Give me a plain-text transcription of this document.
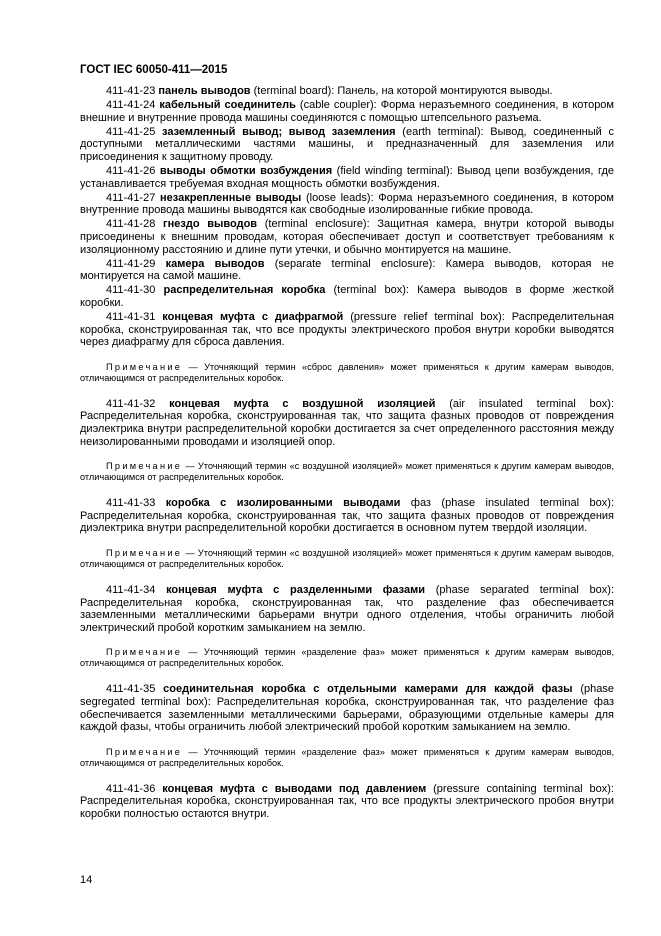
ГОСТ IEC 60050-411—2015

411-41-23 панель выводов (terminal board): Панель, на которой монтируются выводы.

411-41-24 кабельный соединитель (cable coupler): Форма неразъемного соединения, в котором внешние и внутренние провода машины соединяются с помощью штепсельного разъема.

411-41-25 заземленный вывод; вывод заземления (earth terminal): Вывод, соединенный с доступными металлическими частями машины, и предназначенный для заземления или присоединения к защитному проводу.

411-41-26 выводы обмотки возбуждения (field winding terminal): Вывод цепи возбуждения, где устанавливается требуемая входная мощность обмотки возбуждения.

411-41-27 незакрепленные выводы (loose leads): Форма неразъемного соединения, в котором внутренние провода машины выводятся как свободные изолированные гибкие провода.

411-41-28 гнездо выводов (terminal enclosure): Защитная камера, внутри которой выводы присоединены к внешним проводам, которая обеспечивает доступ и соответствует требованиям к изоляционному расстоянию и длине пути утечки, и обычно монтируется на машине.

411-41-29 камера выводов (separate terminal enclosure): Камера выводов, которая не монтируется на самой машине.

411-41-30 распределительная коробка (terminal box): Камера выводов в форме жесткой коробки.

411-41-31 концевая муфта с диафрагмой (pressure relief terminal box): Распределительная коробка, сконструированная так, что все продукты электрического пробоя внутри коробки выводятся через диафрагму для сброса давления.

Примечание — Уточняющий термин «сброс давления» может применяться к другим камерам выводов, отличающимся от распределительных коробок.

411-41-32 концевая муфта с воздушной изоляцией (air insulated terminal box): Распределительная коробка, сконструированная так, что защита фазных проводов от повреждения диэлектрика внутри распределительной коробки достигается за счет определенного расстояния между неизолированными проводами и изоляцией опор.

Примечание — Уточняющий термин «с воздушной изоляцией» может применяться к другим камерам выводов, отличающимся от распределительных коробок.

411-41-33 коробка с изолированными выводами фаз (phase insulated terminal box): Распределительная коробка, сконструированная так, что защита фазных проводов от повреждения диэлектрика внутри распределительной коробки достигается в основном путем твердой изоляции.

Примечание — Уточняющий термин «с воздушной изоляцией» может применяться к другим камерам выводов, отличающимся от распределительных коробок.

411-41-34 концевая муфта с разделенными фазами (phase separated terminal box): Распределительная коробка, сконструированная так, что разделение фаз обеспечивается заземленными металлическими барьерами внутри одного отделения, чтобы ограничить любой электрический пробой коротким замыканием на землю.

Примечание — Уточняющий термин «разделение фаз» может применяться к другим камерам выводов, отличающимся от распределительных коробок.

411-41-35 соединительная коробка с отдельными камерами для каждой фазы (phase segregated terminal box): Распределительная коробка, сконструированная так, что разделение фаз обеспечивается заземленными металлическими барьерами, образующими отдельные камеры для каждой фазы, чтобы ограничить любой электрический пробой коротким замыканием на землю.

Примечание — Уточняющий термин «разделение фаз» может применяться к другим камерам выводов, отличающимся от распределительных коробок.

411-41-36 концевая муфта с выводами под давлением (pressure containing terminal box): Распределительная коробка, сконструированная так, что все продукты электрического пробоя внутри коробки полностью остаются внутри.

14
